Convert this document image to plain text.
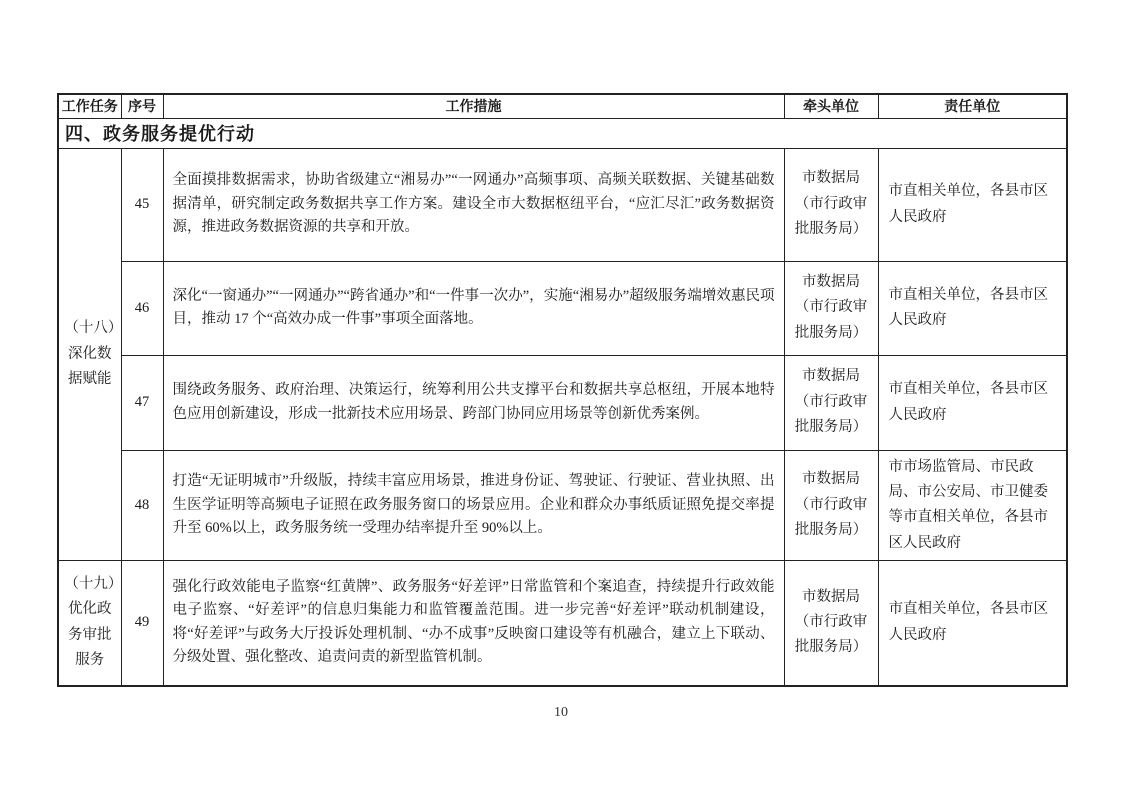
工作任务	序号	工作措施	牵头单位	责任单位
四、政务服务提优行动				
（十八）深化数据赋能	45	全面摸排数据需求，协助省级建立“湘易办”“一网通办”高频事项、高频关联数据、关键基础数据清单，研究制定政务数据共享工作方案。建设全市大数据枢纽平台，“应汇尽汇”政务数据资源，推进政务数据资源的共享和开放。	市数据局（市行政审批服务局）	市直相关单位，各县市区人民政府
	46	深化“一窗通办”“一网通办”“跨省通办”和“一件事一次办”，实施“湘易办”超级服务端增效惠民项目，推动 17 个“高效办成一件事”事项全面落地。	市数据局（市行政审批服务局）	市直相关单位，各县市区人民政府
	47	围绕政务服务、政府治理、决策运行，统筹利用公共支撑平台和数据共享总枢纽，开展本地特色应用创新建设，形成一批新技术应用场景、跨部门协同应用场景等创新优秀案例。	市数据局（市行政审批服务局）	市直相关单位，各县市区人民政府
	48	打造“无证明城市”升级版，持续丰富应用场景，推进身份证、驾驶证、行驶证、营业执照、出生医学证明等高频电子证照在政务服务窗口的场景应用。企业和群众办事纸质证照免提交率提升至 60%以上，政务服务统一受理办结率提升至 90%以上。	市数据局（市行政审批服务局）	市市场监管局、市民政局、市公安局、市卫健委等市直相关单位，各县市区人民政府
（十九）优化政务审批服务	49	强化行政效能电子监察“红黄牌”、政务服务“好差评”日常监管和个案追查，持续提升行政效能电子监察、“好差评”的信息归集能力和监管覆盖范围。进一步完善“好差评”联动机制建设，将“好差评”与政务大厅投诉处理机制、“办不成事”反映窗口建设等有机融合，建立上下联动、分级处置、强化整改、追责问责的新型监管机制。	市数据局（市行政审批服务局）	市直相关单位，各县市区人民政府
10
